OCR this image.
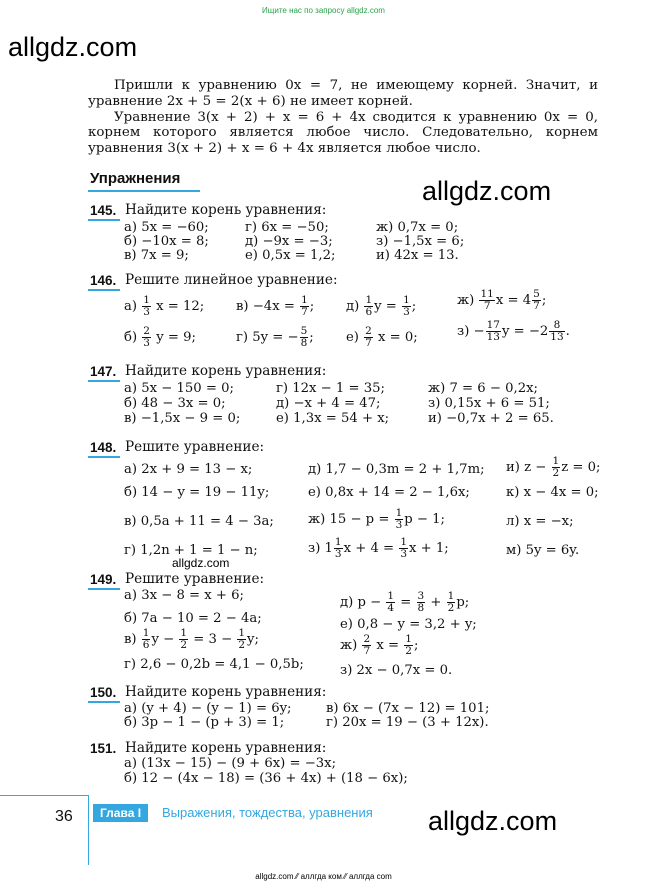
Ищите нас по запросу allgdz.com
allgdz.com

Пришли к уравнению 0x = 7, не имеющему корней. Значит, и уравнение 2x + 5 = 2(x + 6) не имеет корней.

Уравнение 3(x + 2) + x = 6 + 4x сводится к уравнению 0x = 0, корнем которого является любое число. Следовательно, корнем уравнения 3(x + 2) + x = 6 + 4x является любое число.

Упражнения	allgdz.com
145. Найдите корень уравнения:
а) 5x = −60;	г) 6x = −50;	ж) 0,7x = 0;
б) −10x = 8;	д) −9x = −3;	з) −1,5x = 6;
в) 7x = 9;	е) 0,5x = 1,2;	и) 42x = 13.
146. Решите линейное уравнение:
$а) \frac{1}{3}$ x = 12; $в) -4x = \frac{1}{7}$ ; $д) \frac{1}{6}$ $y = \frac{1}{3}$ ;	$ж) \frac{11}{7}$ $x = 4 \frac{5}{7}$ ;
$б) \frac{2}{3}$ y = 9;	г) 5y = − $\frac{5}{8}$ ; $е) \frac{2}{7}$ x = 0;	$з) - \frac{17}{13}$ $y = -2 \frac{8}{13}$ .
147. Найдите корень уравнения:
а) 5x − 150 = 0;	г) 12x − 1 = 35;	ж) 7 = 6 − 0,2x;
б) 48 − 3x = 0;	д) −x + 4 = 47;	з) 0,15x + 6 = 51;
в) −1,5x − 9 = 0;	е) 1,3x = 54 + x;	и) −0,7x + 2 = 65.
148. Решите уравнение:
а) 2x + 9 = 13 − x;	д) 1,7 − 0,3m = 2 + 1,7m; и) $z - \frac{1}{2}$ z = 0;
б) 14 − y = 19 − 11y;	е) 0,8x + 14 = 2 − 1,6x;	к) x − 4x = 0;
в) 0,5a + 11 = 4 − 3a;	ж) $15 - p = \frac{1}{3}$ p − 1;	л) x = −x;
г) 1,2n + 1 = 1 − n;	з) $1 \frac{1}{3}$ $x + 4 = \frac{1}{3}$ x + 1;	м) 5y = 6y.
allgdz.com
149. Решите уравнение:
а) 3x − 8 = x + 6;
б) 7a − 10 = 2 − 4a;
$в) \frac{1}{6}$ $y - \frac{1}{2} = 3 - \frac{1}{2} y$;
г) 2,6 − 0,2b = 4,1 − 0,5b;
д) $p - \frac{1}{4} = \frac{3}{8} + \frac{1}{2} p$;
е) 0,8 − y = 3,2 + y;
$ж) \frac{2}{7}$ $x = \frac{1}{2}$ ;
з) 2x − 0,7x = 0.
150. Найдите корень уравнения:
а) (y + 4) − (y − 1) = 6y;	в) 6x − (7x − 12) = 101;
б) 3p − 1 − (p + 3) = 1;	г) 20x = 19 − (3 + 12x).
151. Найдите корень уравнения:
а) (13x − 15) − (9 + 6x) = −3x;
б) 12 − (4x − 18) = (36 + 4x) + (18 − 6x);
36	Глава I	Выражения, тождества, уравнения allgdz.com
allgdz.com ⁄⁄ аллгда ком ⁄⁄ аллгда com
